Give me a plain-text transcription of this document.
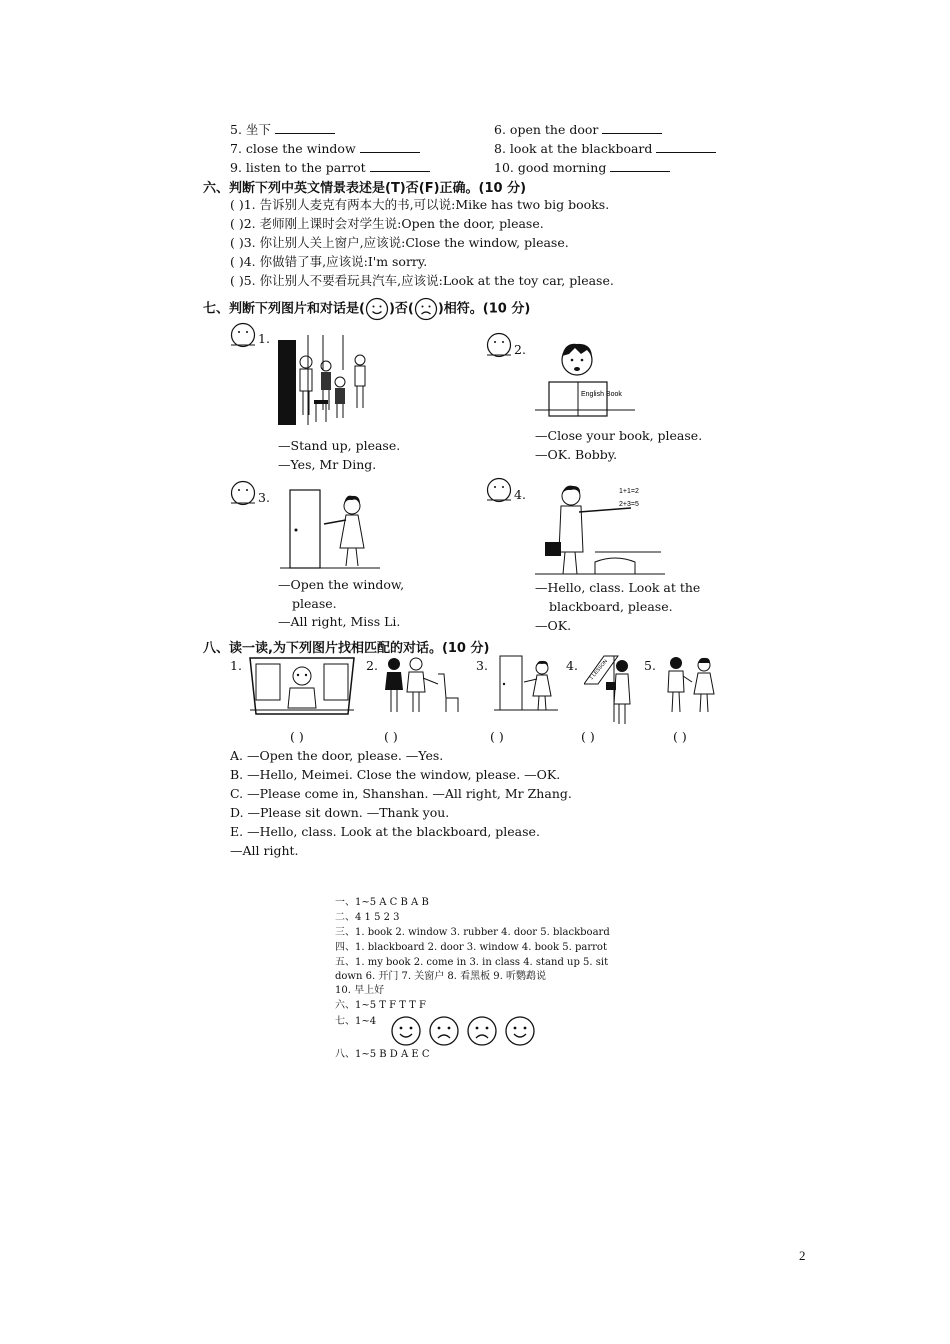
5. 坐下	6. open the door
7. close the window	8. look at the blackboard
9. listen to the parrot	10. good morning
六、判断下列中英文情景表述是(T)否(F)正确。(10 分)
( )1. 告诉别人麦克有两本大的书,可以说:Mike has two big books.
( )2. 老师刚上课时会对学生说:Open the door, please.
( )3. 你让别人关上窗户,应该说:Close the window, please.
( )4. 你做错了事,应该说:I'm sorry.
( )5. 你让别人不要看玩具汽车,应该说:Look at the toy car, please.
七、判断下列图片和对话是( )否( )相符。(10 分)
1.
—Stand up, please.
—Yes, Mr Ding.
2.
English Book
—Close your book, please.
—OK. Bobby.
3.
—Open the window,
please.
—All right, Miss Li.
4.	1+1=2
2+3=5
—Hello, class. Look at the
blackboard, please.
—OK.
八、读一读,为下列图片找相匹配的对话。(10 分)
1.	2.	3.	4. 1 LESSON	5.
( )	( )	( )	( )	( )
A. —Open the door, please. —Yes.
B. —Hello, Meimei. Close the window, please. —OK.
C. —Please come in, Shanshan. —All right, Mr Zhang.
D. —Please sit down. —Thank you.
E. —Hello, class. Look at the blackboard, please.
—All right.
一、1~5 A C B A B
二、4 1 5 2 3
三、1. book 2. window 3. rubber 4. door 5. blackboard
四、1. blackboard 2. door 3. window 4. book 5. parrot
五、1. my book 2. come in 3. in class 4. stand up 5. sit
down 6. 开门 7. 关窗户 8. 看黑板 9. 听鹦鹉说
10. 早上好
六、1~5 T F T T F
七、1~4
八、1~5 B D A E C
2
